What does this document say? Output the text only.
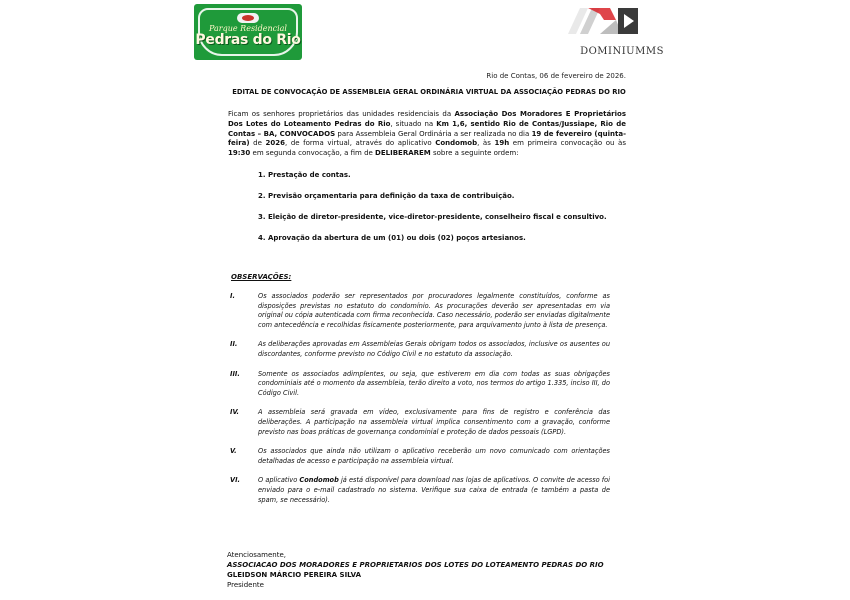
Parque Residencial
Pedras do Rio
DOMINIUMMS
Rio de Contas, 06 de fevereiro de 2026.
EDITAL DE CONVOCAÇÃO DE ASSEMBLEIA GERAL ORDINÁRIA VIRTUAL DA ASSOCIAÇÃO PEDRAS DO RIO
Ficam os senhores proprietários das unidades residenciais da Associação Dos Moradores E Proprietários Dos Lotes do Loteamento Pedras do Rio, situado na Km 1,6, sentido Rio de Contas/Jussiape, Rio de Contas – BA, CONVOCADOS para Assembleia Geral Ordinária a ser realizada no dia 19 de fevereiro (quinta-feira) de 2026, de forma virtual, através do aplicativo Condomob, às 19h em primeira convocação ou às 19:30 em segunda convocação, a fim de DELIBERAREM sobre a seguinte ordem:
1. Prestação de contas.
2. Previsão orçamentaria para definição da taxa de contribuição.
3. Eleição de diretor-presidente, vice-diretor-presidente, conselheiro fiscal e consultivo.
4. Aprovação da abertura de um (01) ou dois (02) poços artesianos.
OBSERVAÇÕES:
I.	Os associados poderão ser representados por procuradores legalmente constituídos, conforme as disposições previstas no estatuto do condomínio. As procurações deverão ser apresentadas em via original ou cópia autenticada com firma reconhecida. Caso necessário, poderão ser enviadas digitalmente com antecedência e recolhidas fisicamente posteriormente, para arquivamento junto à lista de presença.
II.	As deliberações aprovadas em Assembleias Gerais obrigam todos os associados, inclusive os ausentes ou discordantes, conforme previsto no Código Civil e no estatuto da associação.
III.	Somente os associados adimplentes, ou seja, que estiverem em dia com todas as suas obrigações condominiais até o momento da assembleia, terão direito a voto, nos termos do artigo 1.335, inciso III, do Código Civil.
IV.	A assembleia será gravada em vídeo, exclusivamente para fins de registro e conferência das deliberações. A participação na assembleia virtual implica consentimento com a gravação, conforme previsto nas boas práticas de governança condominial e proteção de dados pessoais (LGPD).
V.	Os associados que ainda não utilizam o aplicativo receberão um novo comunicado com orientações detalhadas de acesso e participação na assembleia virtual.
VI.	O aplicativo Condomob já está disponível para download nas lojas de aplicativos. O convite de acesso foi enviado para o e-mail cadastrado no sistema. Verifique sua caixa de entrada (e também a pasta de spam, se necessário).
Atenciosamente,
ASSOCIACAO DOS MORADORES E PROPRIETARIOS DOS LOTES DO LOTEAMENTO PEDRAS DO RIO
GLEIDSON MÁRCIO PEREIRA SILVA
Presidente
